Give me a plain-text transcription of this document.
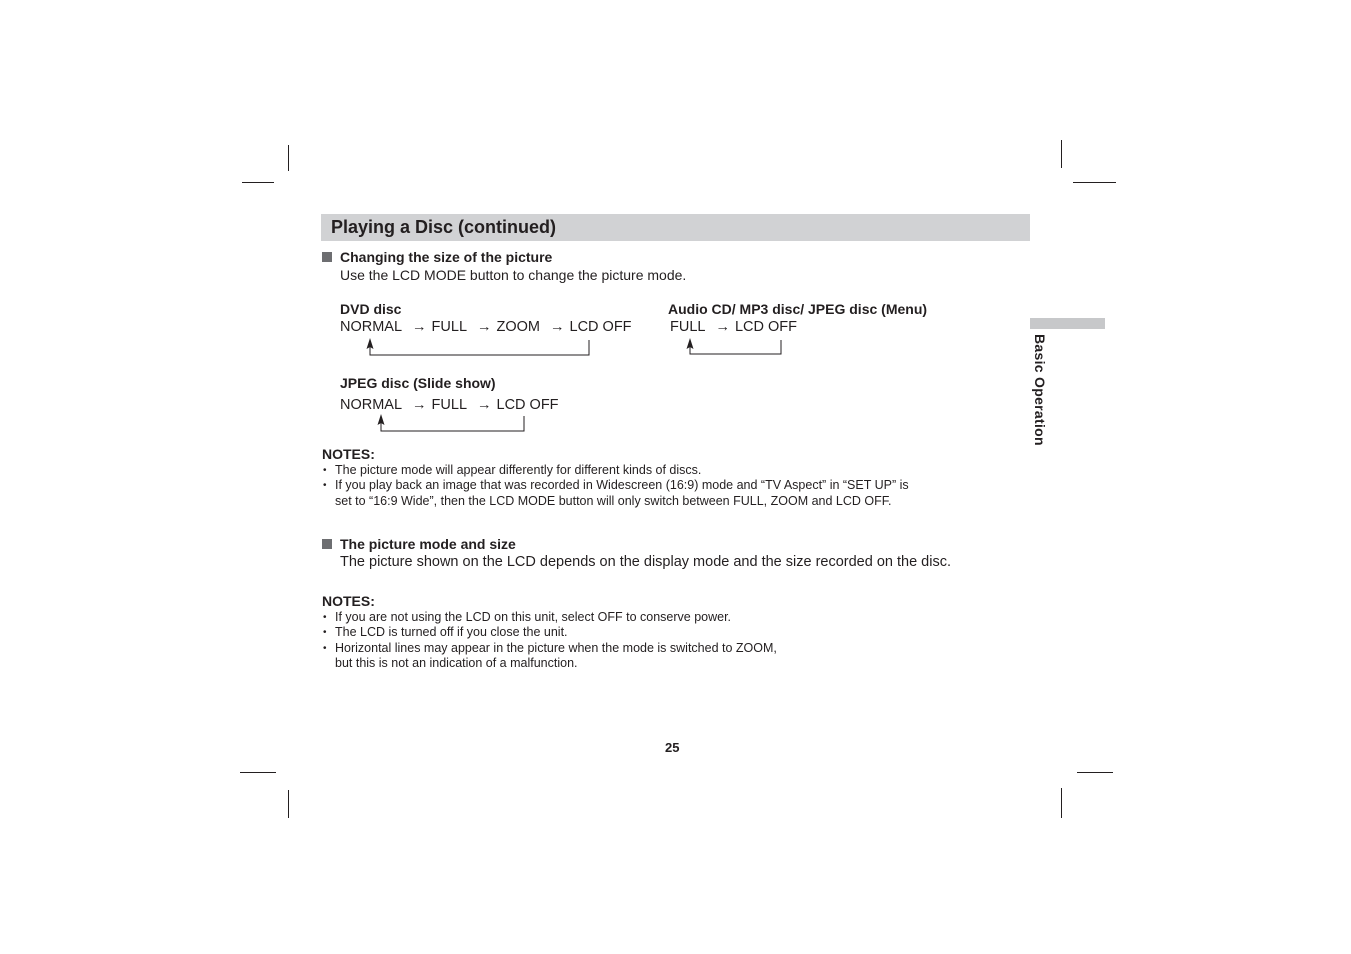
Playing a Disc (continued)
Basic Operation
Changing the size of the picture
Use the LCD MODE button to change the picture mode.
DVD disc
NORMAL → FULL → ZOOM → LCD OFF
Audio CD/ MP3 disc/ JPEG disc (Menu)
FULL → LCD OFF
JPEG disc (Slide show)
NORMAL → FULL → LCD OFF
NOTES:
• The picture mode will appear differently for different kinds of discs.
• If you play back an image that was recorded in Widescreen (16:9) mode and “TV Aspect” in “SET UP” is
set to “16:9 Wide”, then the LCD MODE button will only switch between FULL, ZOOM and LCD OFF.
The picture mode and size
The picture shown on the LCD depends on the display mode and the size recorded on the disc.
NOTES:
• If you are not using the LCD on this unit, select OFF to conserve power.
• The LCD is turned off if you close the unit.
• Horizontal lines may appear in the picture when the mode is switched to ZOOM,
but this is not an indication of a malfunction.
25
